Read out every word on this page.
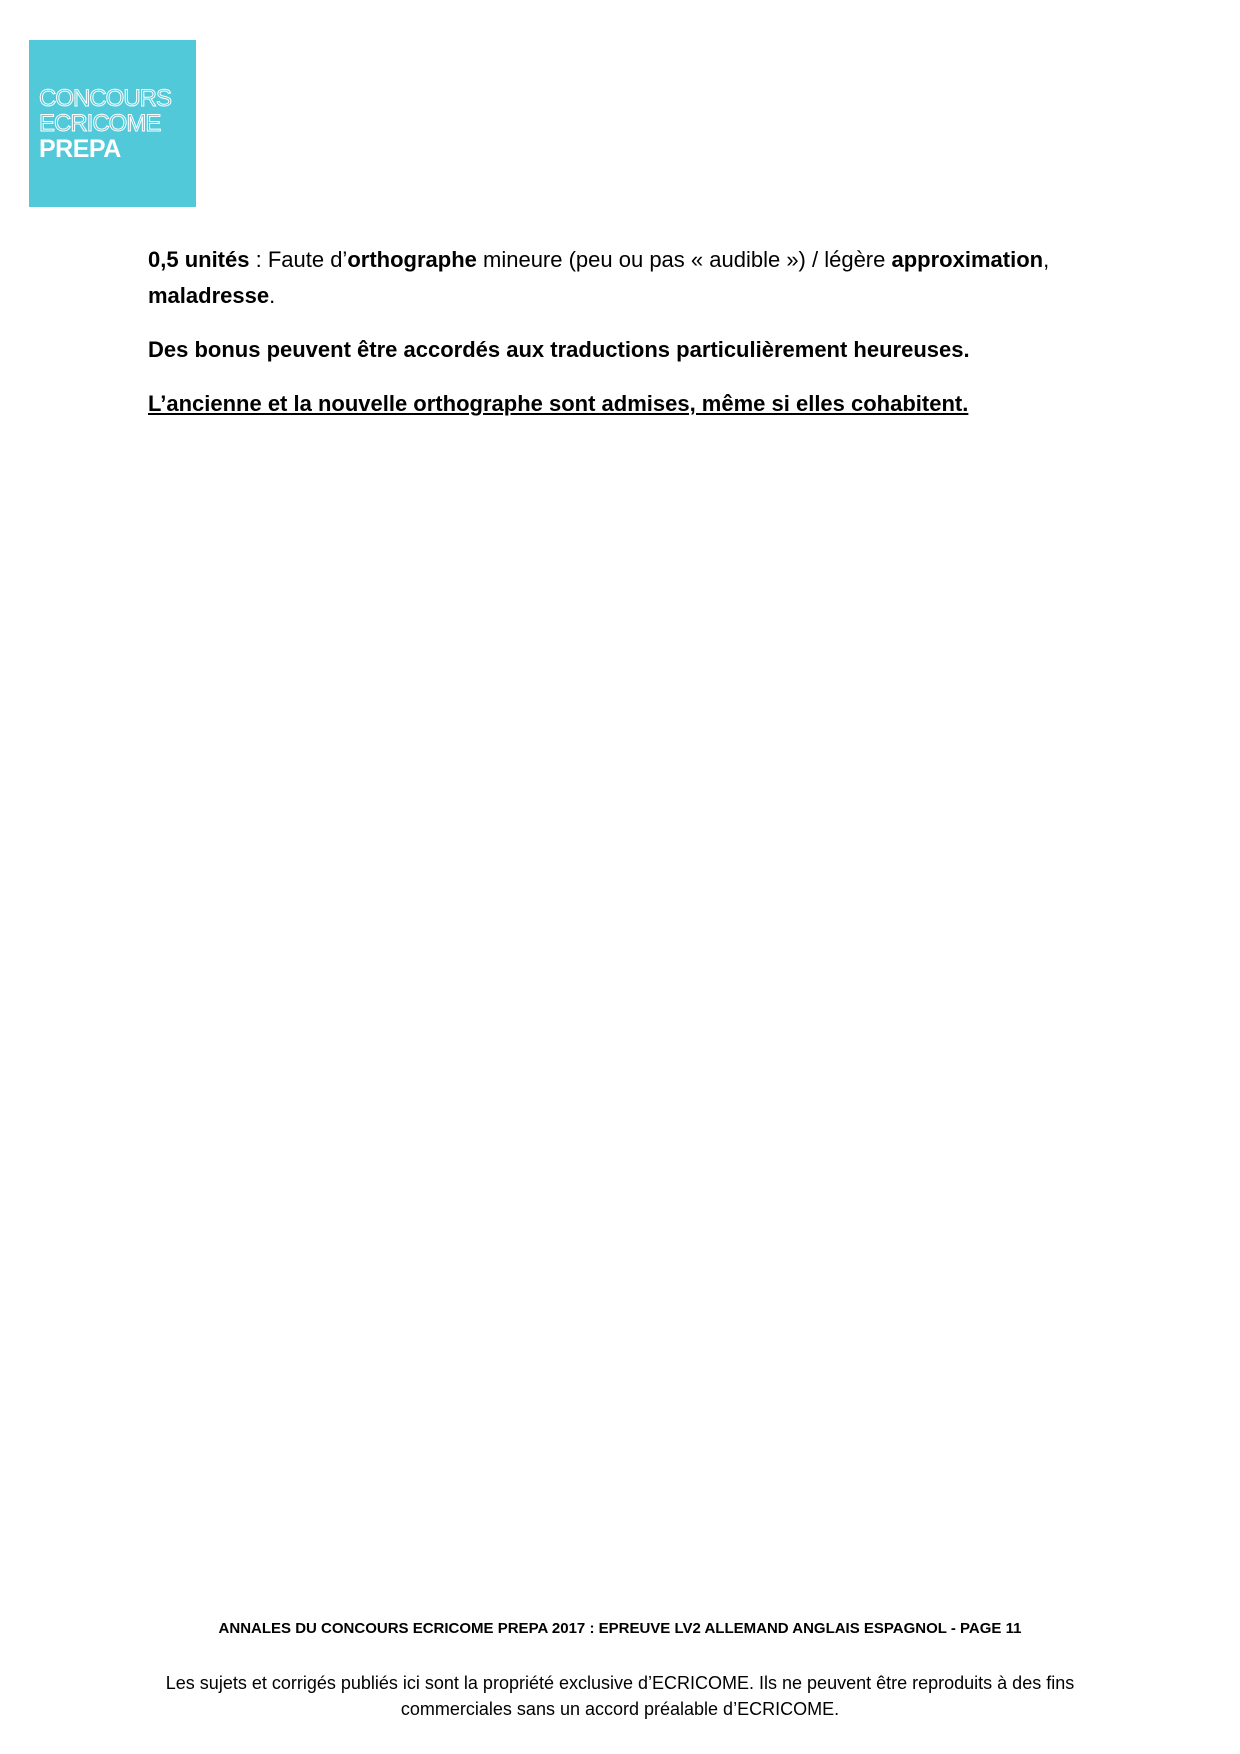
CONCOURS
ECRICOME
PREPA

0,5 unités : Faute d’orthographe mineure (peu ou pas « audible ») / légère approximation, maladresse.

Des bonus peuvent être accordés aux traductions particulièrement heureuses.

L’ancienne et la nouvelle orthographe sont admises, même si elles cohabitent.

ANNALES DU CONCOURS ECRICOME PREPA 2017 : EPREUVE LV2 ALLEMAND ANGLAIS ESPAGNOL - PAGE 11
Les sujets et corrigés publiés ici sont la propriété exclusive d’ECRICOME. Ils ne peuvent être reproduits à des fins commerciales sans un accord préalable d’ECRICOME.
